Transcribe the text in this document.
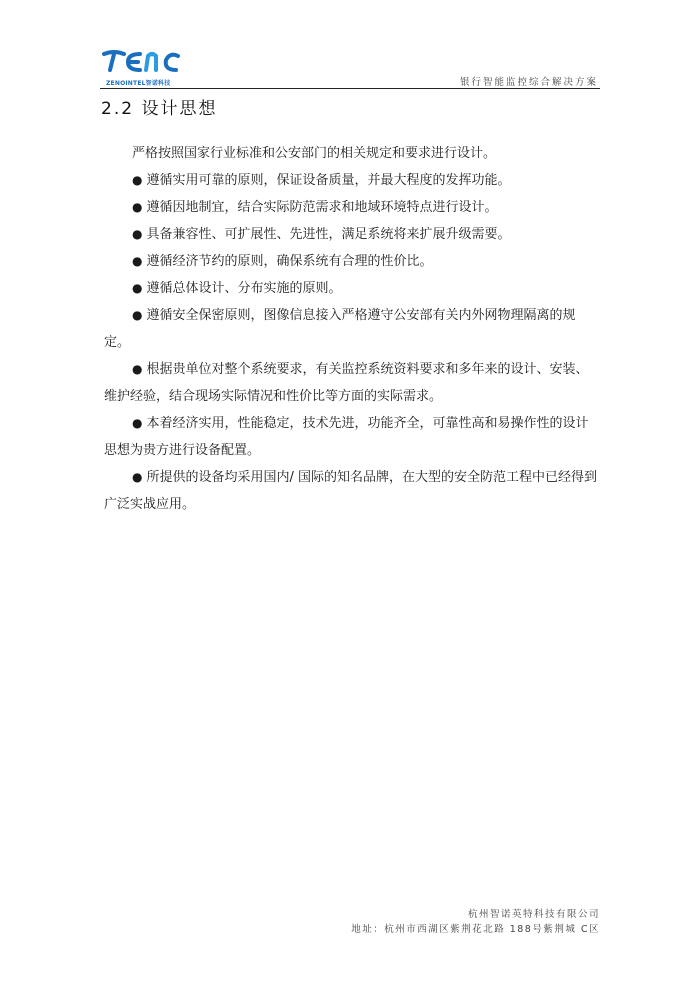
ZENOINTEL智诺科技	银行智能监控综合解决方案
2.2 设计思想

严格按照国家行业标准和公安部门的相关规定和要求进行设计。

● 遵循实用可靠的原则，保证设备质量，并最大程度的发挥功能。

● 遵循因地制宜，结合实际防范需求和地域环境特点进行设计。

● 具备兼容性、可扩展性、先进性，满足系统将来扩展升级需要。

● 遵循经济节约的原则，确保系统有合理的性价比。

● 遵循总体设计、分布实施的原则。

● 遵循安全保密原则，图像信息接入严格遵守公安部有关内外网物理隔离的规定。

● 根据贵单位对整个系统要求，有关监控系统资料要求和多年来的设计、安装、维护经验，结合现场实际情况和性价比等方面的实际需求。

● 本着经济实用，性能稳定，技术先进，功能齐全，可靠性高和易操作性的设计思想为贵方进行设备配置。

● 所提供的设备均采用国内/ 国际的知名品牌，在大型的安全防范工程中已经得到广泛实战应用。

杭州智诺英特科技有限公司
地址：杭州市西湖区紫荆花北路 188号紫荆城 C区
